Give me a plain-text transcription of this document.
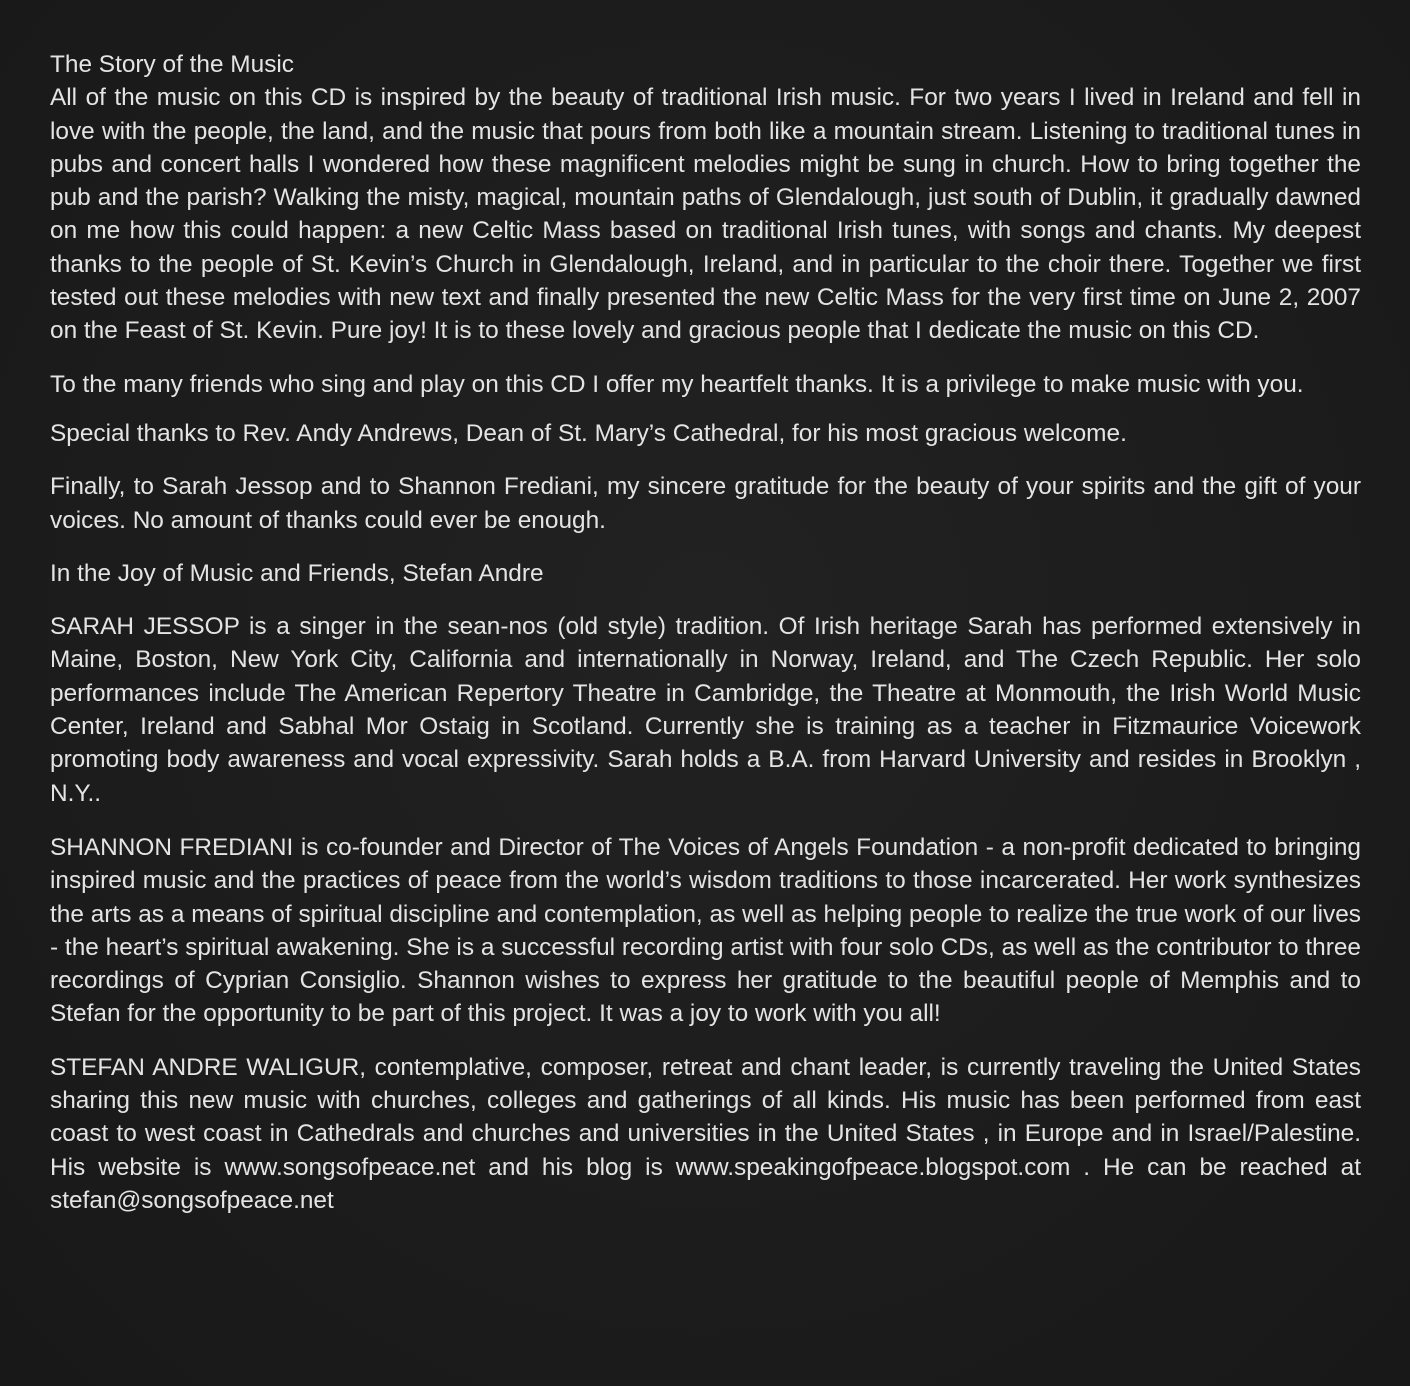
The Story of the Music

All of the music on this CD is inspired by the beauty of traditional Irish music. For two years I lived in Ireland and fell in love with the people, the land, and the music that pours from both like a mountain stream. Listening to traditional tunes in pubs and concert halls I wondered how these magnificent melodies might be sung in church. How to bring together the pub and the parish? Walking the misty, magical, mountain paths of Glendalough, just south of Dublin, it gradually dawned on me how this could happen: a new Celtic Mass based on traditional Irish tunes, with songs and chants. My deepest thanks to the people of St. Kevin’s Church in Glendalough, Ireland, and in particular to the choir there. Together we first tested out these melodies with new text and finally presented the new Celtic Mass for the very first time on June 2, 2007 on the Feast of St. Kevin. Pure joy! It is to these lovely and gracious people that I dedicate the music on this CD.

To the many friends who sing and play on this CD I offer my heartfelt thanks. It is a privilege to make music with you.

Special thanks to Rev. Andy Andrews, Dean of St. Mary’s Cathedral, for his most gracious welcome.

Finally, to Sarah Jessop and to Shannon Frediani, my sincere gratitude for the beauty of your spirits and the gift of your voices. No amount of thanks could ever be enough.

In the Joy of Music and Friends, Stefan Andre

SARAH JESSOP is a singer in the sean-nos (old style) tradition. Of Irish heritage Sarah has performed extensively in Maine, Boston, New York City, California and internationally in Norway, Ireland, and The Czech Republic. Her solo performances include The American Repertory Theatre in Cambridge, the Theatre at Monmouth, the Irish World Music Center, Ireland and Sabhal Mor Ostaig in Scotland. Currently she is training as a teacher in Fitzmaurice Voicework promoting body awareness and vocal expressivity. Sarah holds a B.A. from Harvard University and resides in Brooklyn , N.Y..

SHANNON FREDIANI is co-founder and Director of The Voices of Angels Foundation - a non-profit dedicated to bringing inspired music and the practices of peace from the world’s wisdom traditions to those incarcerated. Her work synthesizes the arts as a means of spiritual discipline and contemplation, as well as helping people to realize the true work of our lives - the heart’s spiritual awakening. She is a successful recording artist with four solo CDs, as well as the contributor to three recordings of Cyprian Consiglio. Shannon wishes to express her gratitude to the beautiful people of Memphis and to Stefan for the opportunity to be part of this project. It was a joy to work with you all!

STEFAN ANDRE WALIGUR, contemplative, composer, retreat and chant leader, is currently traveling the United States sharing this new music with churches, colleges and gatherings of all kinds. His music has been performed from east coast to west coast in Cathedrals and churches and universities in the United States , in Europe and in Israel/Palestine. His website is www.songsofpeace.net and his blog is www.speakingofpeace.blogspot.com . He can be reached at stefan@songsofpeace.net
